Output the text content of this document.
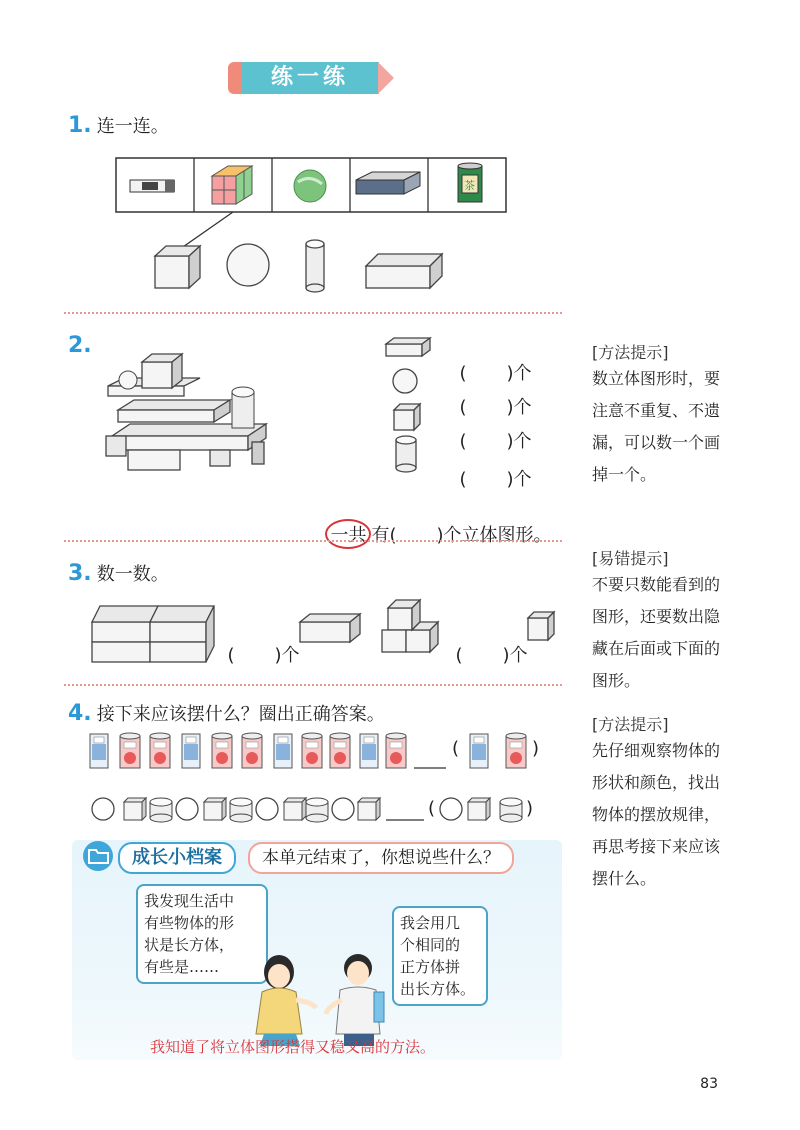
练一练
1. 连一连。
茶
2.

(       )个

(       )个

(       )个

(       )个

一共 有(       )个立体图形。

[方法提示]
数立体图形时，要
注意不重复、不遗
漏，可以数一个画
掉一个。
3. 数一数。

(       )个	(       )个

[易错提示]
不要只数能看到的
图形，还要数出隐
藏在后面或下面的
图形。
4. 接下来应该摆什么？圈出正确答案。
(	)
(	)
[方法提示]
先仔细观察物体的
形状和颜色，找出
物体的摆放规律，
再思考接下来应该
摆什么。
成长小档案	本单元结束了，你想说些什么？
我发现生活中
有些物体的形
状是长方体，
有些是……
我会用几
个相同的
正方体拼
出长方体。
我知道了将立体图形搭得又稳又高的方法。
83
